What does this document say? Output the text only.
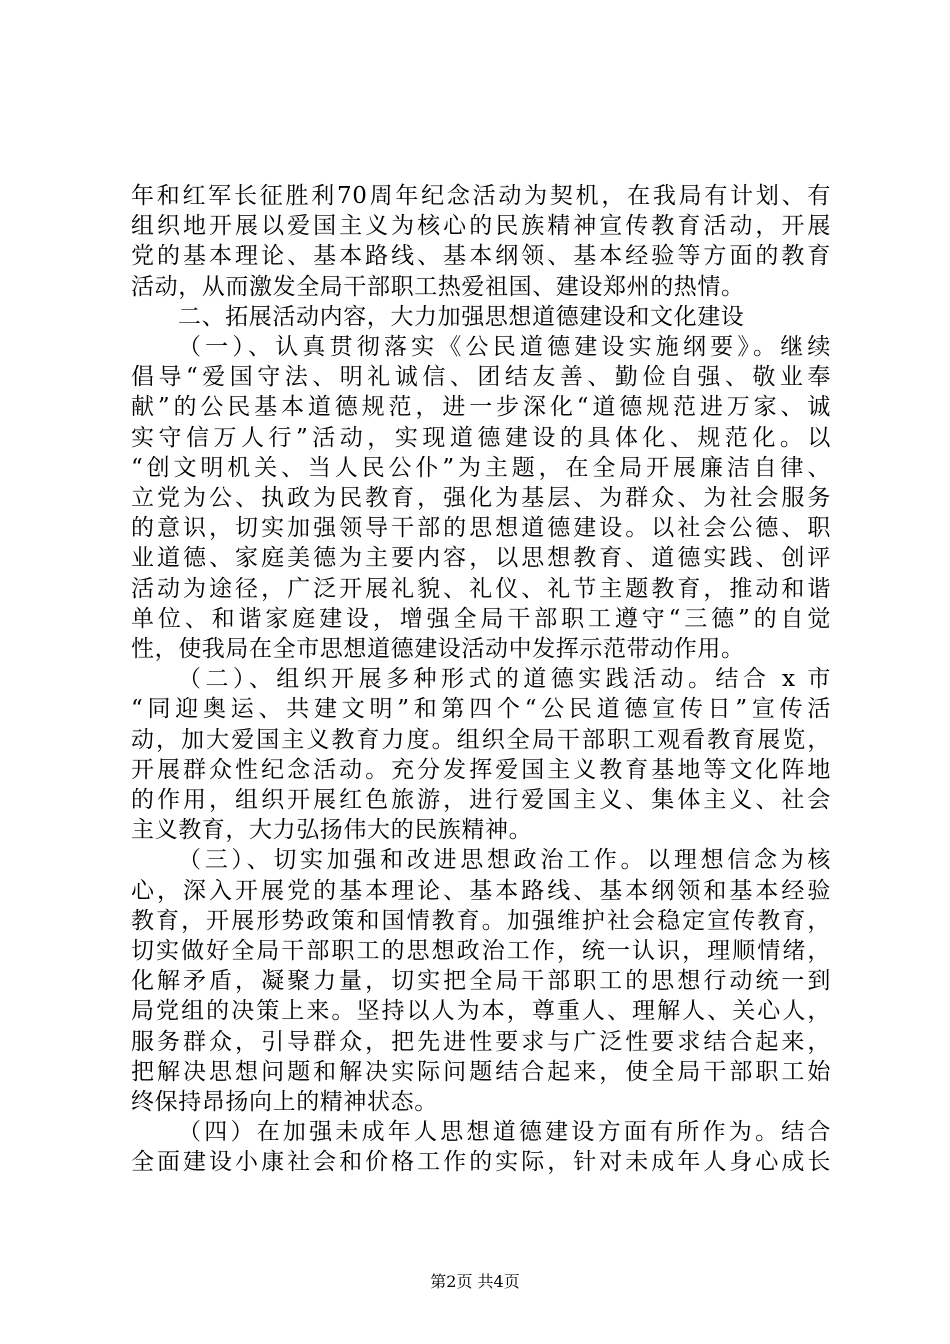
年和红军长征胜利70周年纪念活动为契机，在我局有计划、有
组织地开展以爱国主义为核心的民族精神宣传教育活动，开展
党的基本理论、基本路线、基本纲领、基本经验等方面的教育
活动，从而激发全局干部职工热爱祖国、建设郑州的热情。
二、拓展活动内容，大力加强思想道德建设和文化建设
（一）、认真贯彻落实《公民道德建设实施纲要》。继续
倡导“爱国守法、明礼诚信、团结友善、勤俭自强、敬业奉
献”的公民基本道德规范，进一步深化“道德规范进万家、诚
实守信万人行”活动，实现道德建设的具体化、规范化。以
“创文明机关、当人民公仆”为主题，在全局开展廉洁自律、
立党为公、执政为民教育，强化为基层、为群众、为社会服务
的意识，切实加强领导干部的思想道德建设。以社会公德、职
业道德、家庭美德为主要内容，以思想教育、道德实践、创评
活动为途径，广泛开展礼貌、礼仪、礼节主题教育，推动和谐
单位、和谐家庭建设，增强全局干部职工遵守“三德”的自觉
性，使我局在全市思想道德建设活动中发挥示范带动作用。
（二）、组织开展多种形式的道德实践活动。结合 x 市
“同迎奥运、共建文明”和第四个“公民道德宣传日”宣传活
动，加大爱国主义教育力度。组织全局干部职工观看教育展览，
开展群众性纪念活动。充分发挥爱国主义教育基地等文化阵地
的作用，组织开展红色旅游，进行爱国主义、集体主义、社会
主义教育，大力弘扬伟大的民族精神。
（三）、切实加强和改进思想政治工作。以理想信念为核
心，深入开展党的基本理论、基本路线、基本纲领和基本经验
教育，开展形势政策和国情教育。加强维护社会稳定宣传教育，
切实做好全局干部职工的思想政治工作，统一认识，理顺情绪，
化解矛盾，凝聚力量，切实把全局干部职工的思想行动统一到
局党组的决策上来。坚持以人为本，尊重人、理解人、关心人，
服务群众，引导群众，把先进性要求与广泛性要求结合起来，
把解决思想问题和解决实际问题结合起来，使全局干部职工始
终保持昂扬向上的精神状态。
（四）在加强未成年人思想道德建设方面有所作为。结合
全面建设小康社会和价格工作的实际，针对未成年人身心成长
第2页 共4页
